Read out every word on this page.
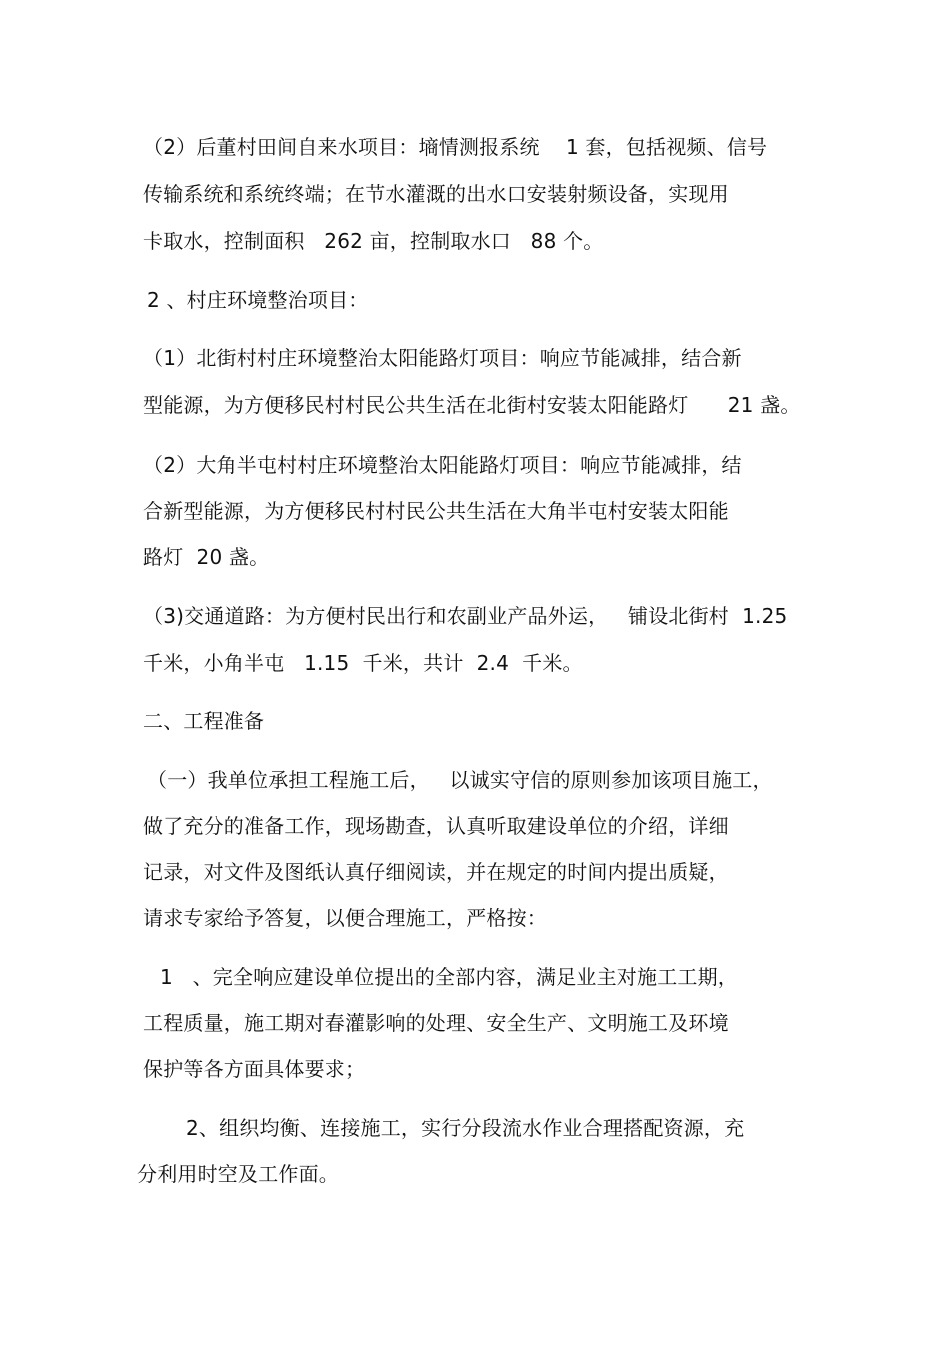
（2）后董村田间自来水项目：墒情测报系统    1 套，包括视频、信号
传输系统和系统终端；在节水灌溉的出水口安装射频设备，实现用
卡取水，控制面积   262 亩，控制取水口   88 个。
2 、村庄环境整治项目：
（1）北街村村庄环境整治太阳能路灯项目：响应节能减排，结合新
型能源，为方便移民村村民公共生活在北街村安装太阳能路灯      21 盏。
（2）大角半屯村村庄环境整治太阳能路灯项目：响应节能减排，结
合新型能源，为方便移民村村民公共生活在大角半屯村安装太阳能
路灯  20 盏。
（3)交通道路：为方便村民出行和农副业产品外运，   铺设北街村  1.25
千米，小角半屯   1.15  千米，共计  2.4  千米。
二、工程准备
（一）我单位承担工程施工后，   以诚实守信的原则参加该项目施工，
做了充分的准备工作，现场勘查，认真听取建设单位的介绍，详细
记录，对文件及图纸认真仔细阅读，并在规定的时间内提出质疑，
请求专家给予答复，以便合理施工，严格按：
1   、完全响应建设单位提出的全部内容，满足业主对施工工期，
工程质量，施工期对春灌影响的处理、安全生产、文明施工及环境
保护等各方面具体要求；
2、组织均衡、连接施工，实行分段流水作业合理搭配资源，充
分利用时空及工作面。
